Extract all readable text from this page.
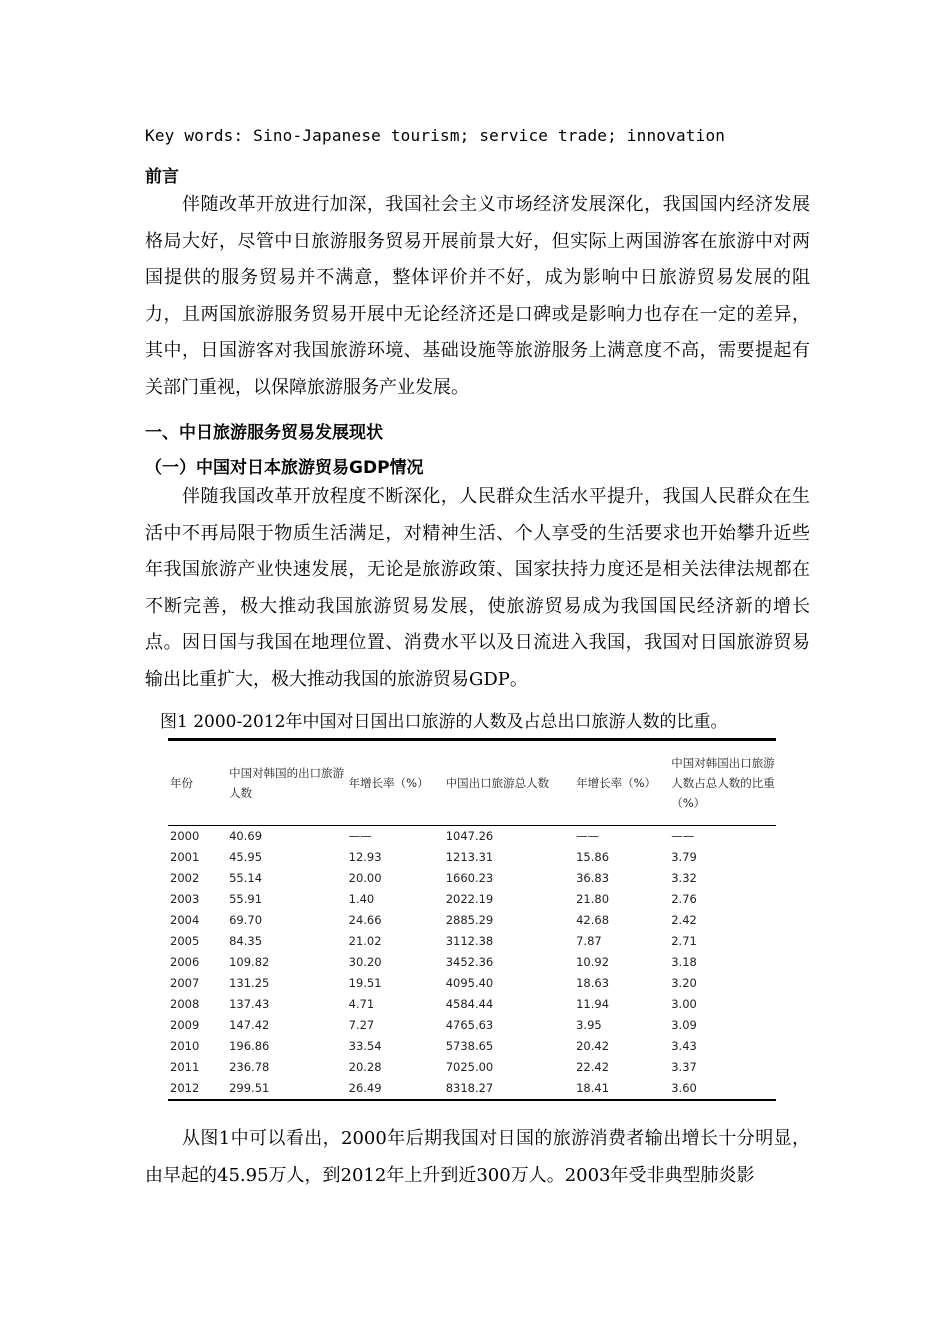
Key words: Sino-Japanese tourism; service trade; innovation
前言

伴随改革开放进行加深，我国社会主义市场经济发展深化，我国国内经济发展格局大好，尽管中日旅游服务贸易开展前景大好，但实际上两国游客在旅游中对两国提供的服务贸易并不满意，整体评价并不好，成为影响中日旅游贸易发展的阻力，且两国旅游服务贸易开展中无论经济还是口碑或是影响力也存在一定的差异，其中，日国游客对我国旅游环境、基础设施等旅游服务上满意度不高，需要提起有关部门重视，以保障旅游服务产业发展。

一、中日旅游服务贸易发展现状
（一）中国对日本旅游贸易GDP情况

伴随我国改革开放程度不断深化，人民群众生活水平提升，我国人民群众在生活中不再局限于物质生活满足，对精神生活、个人享受的生活要求也开始攀升近些年我国旅游产业快速发展，无论是旅游政策、国家扶持力度还是相关法律法规都在不断完善，极大推动我国旅游贸易发展，使旅游贸易成为我国国民经济新的增长点。因日国与我国在地理位置、消费水平以及日流进入我国，我国对日国旅游贸易输出比重扩大，极大推动我国的旅游贸易GDP。

图1 2000-2012年中国对日国出口旅游的人数及占总出口旅游人数的比重。
年份	中国对韩国的出口旅游人数	年增长率（%）	中国出口旅游总人数	年增长率（%）	中国对韩国出口旅游人数占总人数的比重（%）

2000	40.69	——	1047.26	——	——
2001	45.95	12.93	1213.31	15.86	3.79
2002	55.14	20.00	1660.23	36.83	3.32
2003	55.91	1.40	2022.19	21.80	2.76
2004	69.70	24.66	2885.29	42.68	2.42
2005	84.35	21.02	3112.38	7.87	2.71
2006	109.82	30.20	3452.36	10.92	3.18
2007	131.25	19.51	4095.40	18.63	3.20
2008	137.43	4.71	4584.44	11.94	3.00
2009	147.42	7.27	4765.63	3.95	3.09
2010	196.86	33.54	5738.65	20.42	3.43
2011	236.78	20.28	7025.00	22.42	3.37
2012	299.51	26.49	8318.27	18.41	3.60

从图1中可以看出，2000年后期我国对日国的旅游消费者输出增长十分明显，由早起的45.95万人，到2012年上升到近300万人。2003年受非典型肺炎影
